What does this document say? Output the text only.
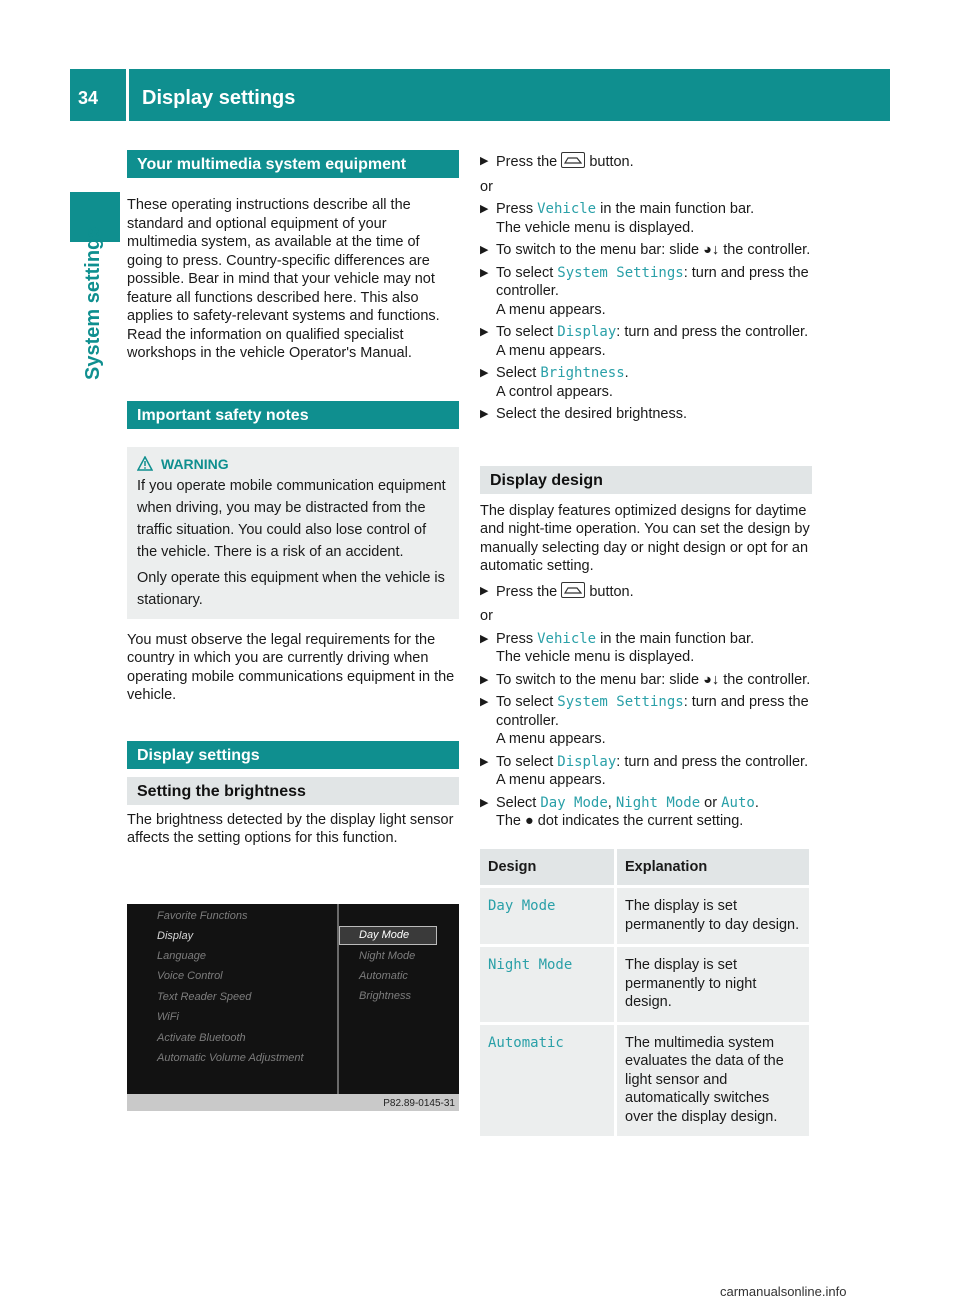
34 Display settings
System settings
Your multimedia system equipment

These operating instructions describe all the standard and optional equipment of your multimedia system, as available at the time of going to press. Country-specific differences are possible. Bear in mind that your vehicle may not feature all functions described here. This also applies to safety-relevant systems and functions.

Read the information on qualified specialist workshops in the vehicle Operator's Manual.

Important safety notes
WARNING

If you operate mobile communication equipment when driving, you may be distracted from the traffic situation. You could also lose control of the vehicle. There is a risk of an accident.

Only operate this equipment when the vehicle is stationary.

You must observe the legal requirements for the country in which you are currently driving when operating mobile communications equipment in the vehicle.

Display settings
Setting the brightness

The brightness detected by the display light sensor affects the setting options for this function.

Favorite Functions
Display
Language
Voice Control
Text Reader Speed
WiFi
Activate Bluetooth
Automatic Volume Adjustment
Day Mode
Night Mode
Automatic
Brightness
P82.89-0145-31
▶ Press the button.

or

▶ Press Vehicle in the main function bar.
The vehicle menu is displayed.
▶ To switch to the menu bar: slide ◕↓ the controller.
▶ To select System Settings: turn and press the controller.
A menu appears.
▶ To select Display: turn and press the controller.
A menu appears.
▶ Select Brightness.
A control appears.
▶ Select the desired brightness.
Display design

The display features optimized designs for daytime and night-time operation. You can set the design by manually selecting day or night design or opt for an automatic setting.

▶ Press the button.

or

▶ Press Vehicle in the main function bar.
The vehicle menu is displayed.
▶ To switch to the menu bar: slide ◕↓ the controller.
▶ To select System Settings: turn and press the controller.
A menu appears.
▶ To select Display: turn and press the controller.
A menu appears.
▶ Select Day Mode, Night Mode or Auto.
The ● dot indicates the current setting.
Design	Explanation
Day Mode	The display is set permanently to day design.
Night Mode	The display is set permanently to night design.
Automatic	The multimedia system evaluates the data of the light sensor and automatically switches over the display design.
carmanualsonline.info
